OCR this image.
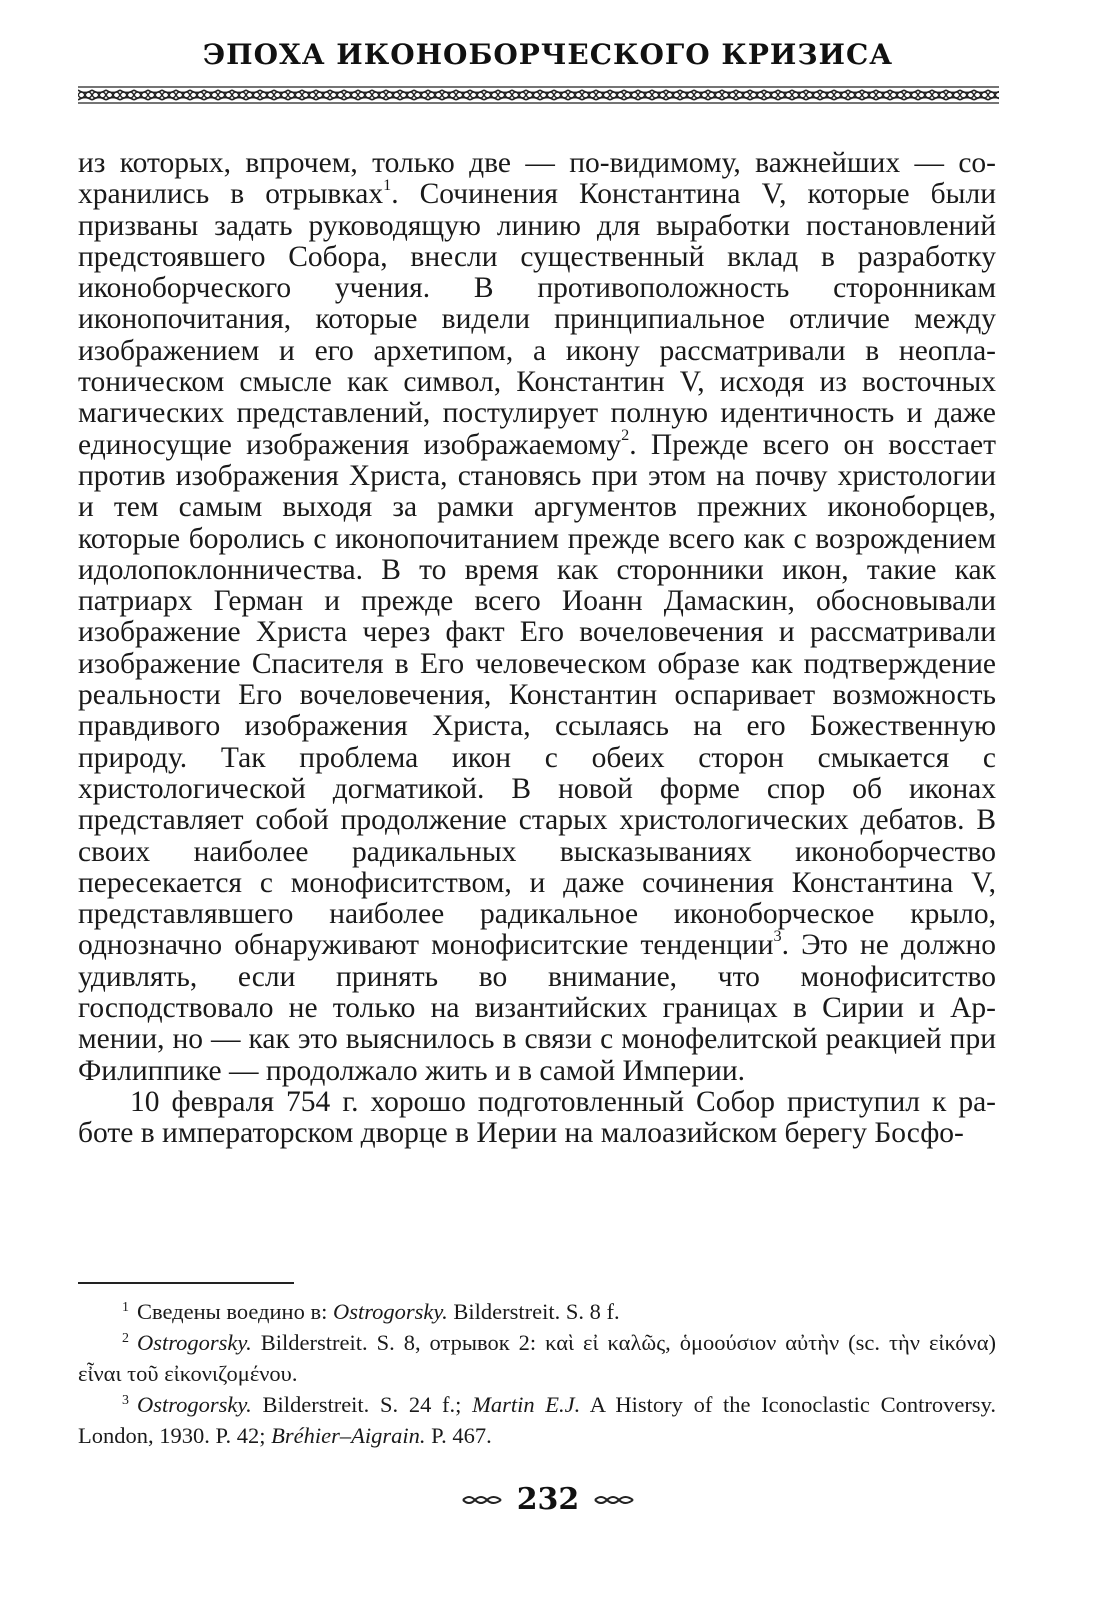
ЭПОХА ИКОНОБОРЧЕСКОГО КРИЗИСА

из которых, впрочем, только две — по-видимому, важнейших — сохранились в отрывках$^1$. Сочинения Константина V, которые были призваны задать руководящую линию для выработки постановлений предстоявшего Собора, внесли существенный вклад в разработку иконоборческого учения. В противоположность сторонникам иконопочитания, которые видели принципиальное отличие между изображением и его архетипом, а икону рассматривали в неоплатоническом смысле как символ, Константин V, исходя из восточных магических представлений, постулирует полную идентичность и даже единосущие изображения изображаемому$^2$. Прежде всего он восстает против изображения Христа, становясь при этом на почву христологии и тем самым выходя за рамки аргументов прежних иконоборцев, которые боролись с иконопочитанием прежде всего как с возрождением идолопоклонничества. В то время как сторонники икон, такие как патриарх Герман и прежде всего Иоанн Дамаскин, обосновывали изображение Христа через факт Его вочеловечения и рассматривали изображение Спасителя в Его человеческом образе как подтверждение реальности Его вочеловечения, Константин оспаривает возможность правдивого изображения Христа, ссылаясь на его Божественную природу. Так проблема икон с обеих сторон смыкается с христологической догматикой. В новой форме спор об иконах представляет собой продолжение старых христологических дебатов. В своих наиболее радикальных высказываниях иконоборчество пересекается с монофиситством, и даже сочинения Константина V, представлявшего наиболее радикальное иконоборческое крыло, однозначно обнаруживают монофиситские тенденции$^3$. Это не должно удивлять, если принять во внимание, что монофиситство господствовало не только на византийских границах в Сирии и Армении, но — как это выяснилось в связи с монофелитской реакцией при Филиппике — продолжало жить и в самой Империи.

10 февраля 754 г. хорошо подготовленный Собор приступил к работе в императорском дворце в Иерии на малоазийском берегу Босфо-

$^1$ Сведены воедино в: Ostrogorsky. Bilderstreit. S. 8 f.

$^2$ Ostrogorsky. Bilderstreit. S. 8, отрывок 2: καὶ εἰ καλῶς, ὁμοούσιον αὐτὴν (sc. τὴν εἰκόνα) εἶναι τοῦ εἰκονιζομένου.

$^3$ Ostrogorsky. Bilderstreit. S. 24 f.; Martin E.J. A History of the Iconoclastic Controversy. London, 1930. P. 42; Bréhier–Aigrain. P. 467.

232
